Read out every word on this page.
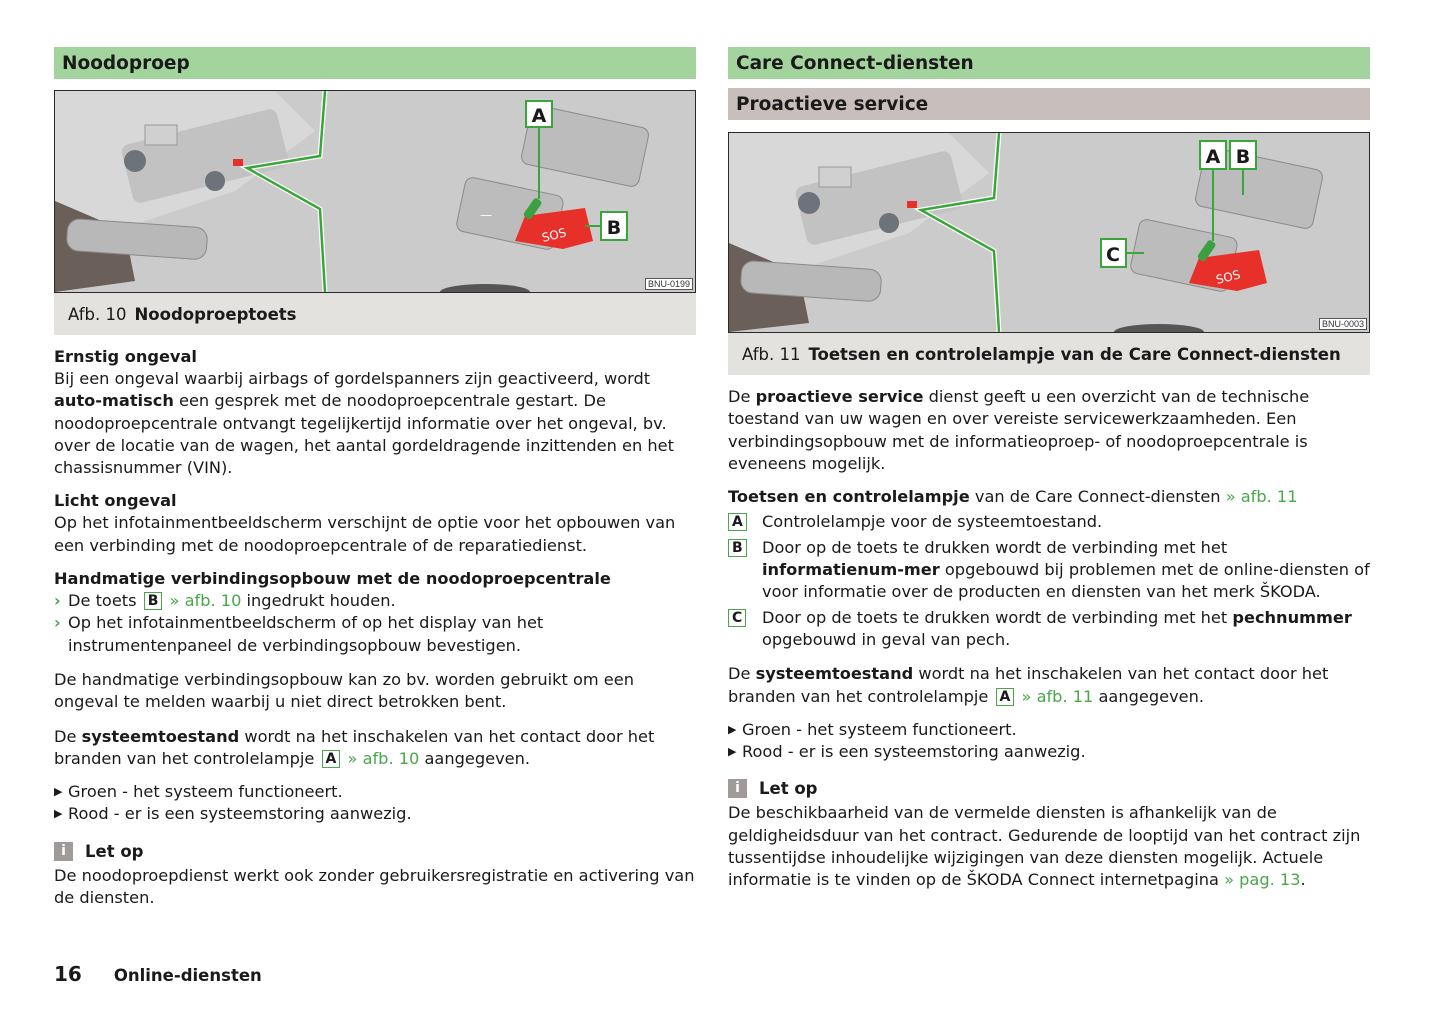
Noodoproep
SOS
—
A
B
BNU-0199
Afb. 10 Noodoproeptoets

Ernstig ongeval

Bij een ongeval waarbij airbags of gordelspanners zijn geactiveerd, wordt auto-matisch een gesprek met de noodoproepcentrale gestart. De noodoproepcentrale ontvangt tegelijkertijd informatie over het ongeval, bv. over de locatie van de wagen, het aantal gordeldragende inzittenden en het chassisnummer (VIN).

Licht ongeval

Op het infotainmentbeeldscherm verschijnt de optie voor het opbouwen van een verbinding met de noodoproepcentrale of de reparatiedienst.

Handmatige verbindingsopbouw met de noodoproepcentrale

› De toets B » afb. 10 ingedrukt houden.
› Op het infotainmentbeeldscherm of op het display van het instrumentenpaneel de verbindingsopbouw bevestigen.

De handmatige verbindingsopbouw kan zo bv. worden gebruikt om een ongeval te melden waarbij u niet direct betrokken bent.

De systeemtoestand wordt na het inschakelen van het contact door het branden van het controlelampje A » afb. 10 aangegeven.

▶ Groen - het systeem functioneert.
▶ Rood - er is een systeemstoring aanwezig.
i	Let op

De noodoproepdienst werkt ook zonder gebruikersregistratie en activering van de diensten.

Care Connect-diensten
Proactieve service
SOS
A B
C
BNU-0003
Afb. 11 Toetsen en controlelampje van de Care Connect-diensten

De proactieve service dienst geeft u een overzicht van de technische toestand van uw wagen en over vereiste servicewerkzaamheden. Een verbindingsopbouw met de informatieoproep- of noodoproepcentrale is eveneens mogelijk.

Toetsen en controlelampje van de Care Connect-diensten » afb. 11

A	Controlelampje voor de systeemtoestand.
B	Door op de toets te drukken wordt de verbinding met het informatienum-mer opgebouwd bij problemen met de online-diensten of voor informatie over de producten en diensten van het merk ŠKODA.
C	Door op de toets te drukken wordt de verbinding met het pechnummer opgebouwd in geval van pech.

De systeemtoestand wordt na het inschakelen van het contact door het branden van het controlelampje A » afb. 11 aangegeven.

▶ Groen - het systeem functioneert.
▶ Rood - er is een systeemstoring aanwezig.
i	Let op

De beschikbaarheid van de vermelde diensten is afhankelijk van de geldigheidsduur van het contract. Gedurende de looptijd van het contract zijn tussentijdse inhoudelijke wijzigingen van deze diensten mogelijk. Actuele informatie is te vinden op de ŠKODA Connect internetpagina » pag. 13.

16 Online-diensten
